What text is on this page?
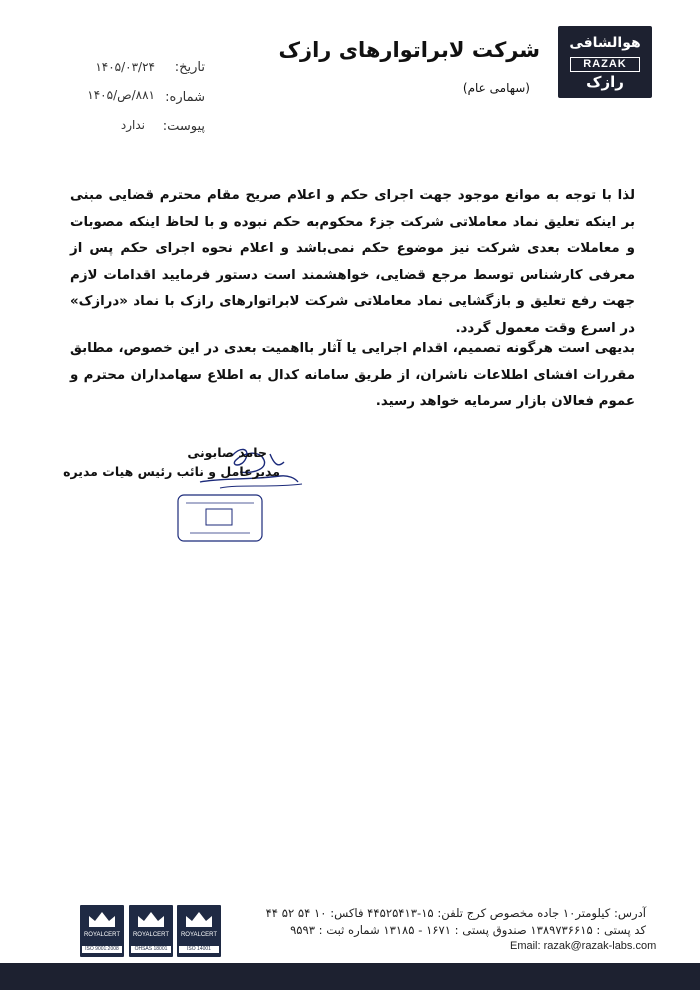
هوالشافی
RAZAK
رازک
شرکت لابراتوارهای رازک
(سهامی عام)
تاریخ:
۱۴۰۵/۰۳/۲۴
شماره:
۸۸۱/ص/۱۴۰۵
پیوست:
ندارد
لذا با توجه به موانع موجود جهت اجرای حکم و اعلام صریح مقام محترم قضایی مبنی بر اینکه تعلیق نماد معاملاتی شرکت جز۶ محکوم‌به حکم نبوده و با لحاظ اینکه مصوبات و معاملات بعدی شرکت نیز موضوع حکم نمی‌باشد و اعلام نحوه اجرای حکم پس از معرفی کارشناس توسط مرجع قضایی، خواهشمند است دستور فرمایید اقدامات لازم جهت رفع تعلیق و بازگشایی نماد معاملاتی شرکت لابراتوارهای رازک با نماد «درازک» در اسرع وقت معمول گردد.
بدیهی است هرگونه تصمیم، اقدام اجرایی یا آثار بااهمیت بعدی در این خصوص، مطابق مقررات افشای اطلاعات ناشران، از طریق سامانه کدال به اطلاع سهامداران محترم و عموم فعالان بازار سرمایه خواهد رسید.
حامد صابونی
مدیرعامل و نائب رئیس هیات مدیره
آدرس: کیلومتر۱۰ جاده مخصوص کرج تلفن: ۱۵-۴۴۵۲۵۴۱۳ فاکس: ۱۰ ۵۴ ۵۲ ۴۴
کد پستی : ۱۳۸۹۷۳۶۶۱۵ صندوق پستی : ۱۶۷۱ - ۱۳۱۸۵ شماره ثبت : ۹۵۹۳
Email: razak@razak-labs.com
ROYALCERT
ISO 9001:2008
ROYALCERT
OHSAS 18001
ROYALCERT
ISO 14001
